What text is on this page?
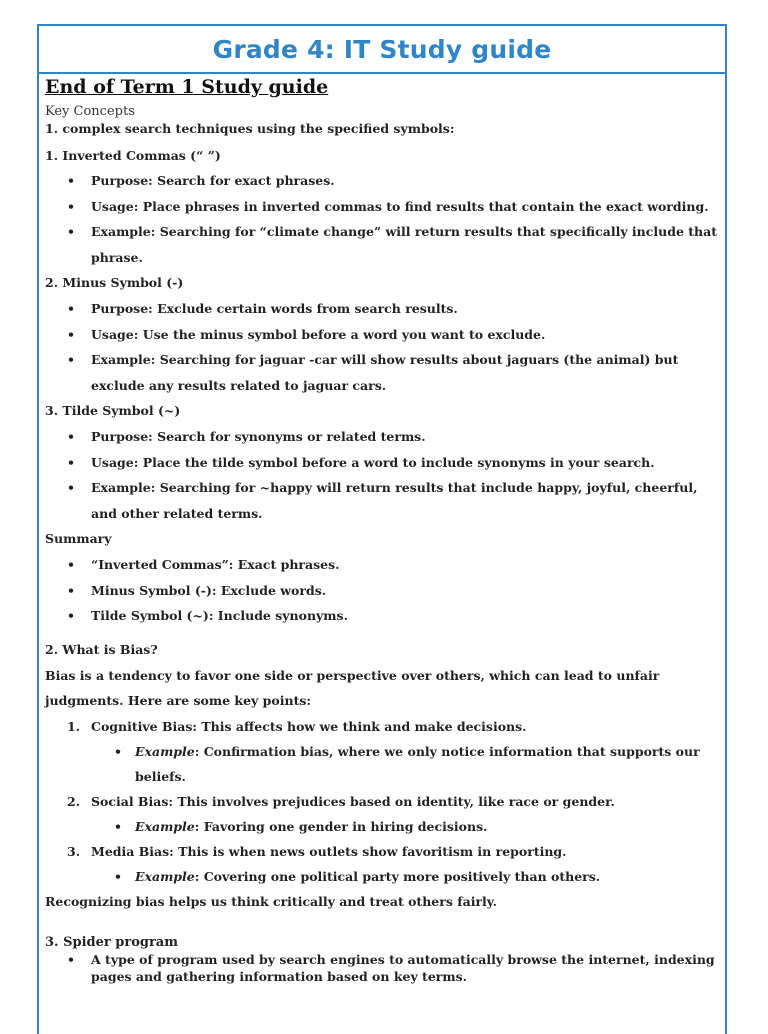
Grade 4: IT Study guide
End of Term 1 Study guide
Key Concepts
1. complex search techniques using the specified symbols:
1. Inverted Commas (“ ”)
• Purpose: Search for exact phrases.
• Usage: Place phrases in inverted commas to find results that contain the exact wording.
• Example: Searching for “climate change” will return results that specifically include that phrase.
2. Minus Symbol (-)
• Purpose: Exclude certain words from search results.
• Usage: Use the minus symbol before a word you want to exclude.
• Example: Searching for jaguar -car will show results about jaguars (the animal) but exclude any results related to jaguar cars.
3. Tilde Symbol (~)
• Purpose: Search for synonyms or related terms.
• Usage: Place the tilde symbol before a word to include synonyms in your search.
• Example: Searching for ~happy will return results that include happy, joyful, cheerful, and other related terms.
Summary
• “Inverted Commas”: Exact phrases.
• Minus Symbol (-): Exclude words.
• Tilde Symbol (~): Include synonyms.
2. What is Bias?
Bias is a tendency to favor one side or perspective over others, which can lead to unfair judgments. Here are some key points:
1. Cognitive Bias: This affects how we think and make decisions.
• Example: Confirmation bias, where we only notice information that supports our beliefs.
2. Social Bias: This involves prejudices based on identity, like race or gender.
• Example: Favoring one gender in hiring decisions.
3. Media Bias: This is when news outlets show favoritism in reporting.
• Example: Covering one political party more positively than others.
Recognizing bias helps us think critically and treat others fairly.
3. Spider program
• A type of program used by search engines to automatically browse the internet, indexing pages and gathering information based on key terms.
